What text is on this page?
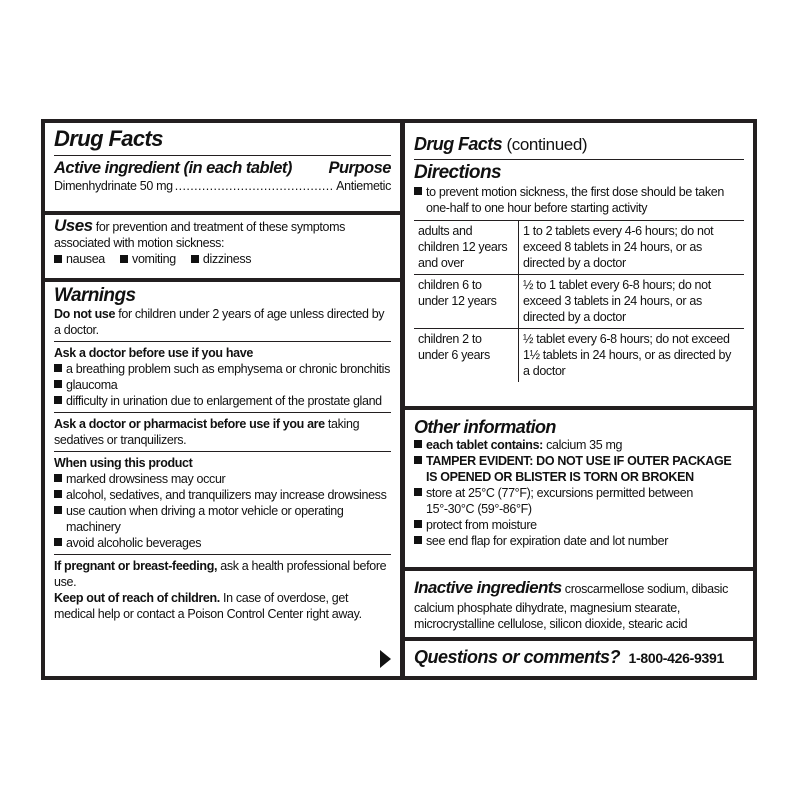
Drug Facts
Active ingredient (in each tablet) Purpose
Dimenhydrinate 50 mg .....	Antiemetic
Uses for prevention and treatment of these symptoms associated with motion sickness:
nausea vomiting dizziness
Warnings
Do not use for children under 2 years of age unless directed by a doctor.
Ask a doctor before use if you have
a breathing problem such as emphysema or chronic bronchitis
glaucoma
difficulty in urination due to enlargement of the prostate gland
Ask a doctor or pharmacist before use if you are taking sedatives or tranquilizers.
When using this product
marked drowsiness may occur
alcohol, sedatives, and tranquilizers may increase drowsiness
use caution when driving a motor vehicle or operating machinery
avoid alcoholic beverages
If pregnant or breast-feeding, ask a health professional before use.
Keep out of reach of children. In case of overdose, get medical help or contact a Poison Control Center right away.
Drug Facts (continued)
Directions
to prevent motion sickness, the first dose should be taken one-half to one hour before starting activity
adults and children 12 years and over	1 to 2 tablets every 4-6 hours; do not exceed 8 tablets in 24 hours, or as directed by a doctor
children 6 to under 12 years	½ to 1 tablet every 6-8 hours; do not exceed 3 tablets in 24 hours, or as directed by a doctor
children 2 to under 6 years	½ tablet every 6-8 hours; do not exceed 1½ tablets in 24 hours, or as directed by a doctor
Other information
each tablet contains: calcium 35 mg
TAMPER EVIDENT: DO NOT USE IF OUTER PACKAGE IS OPENED OR BLISTER IS TORN OR BROKEN
store at 25°C (77°F); excursions permitted between 15°-30°C (59°-86°F)
protect from moisture
see end flap for expiration date and lot number
Inactive ingredients croscarmellose sodium, dibasic calcium phosphate dihydrate, magnesium stearate, microcrystalline cellulose, silicon dioxide, stearic acid
Questions or comments? 1-800-426-9391
